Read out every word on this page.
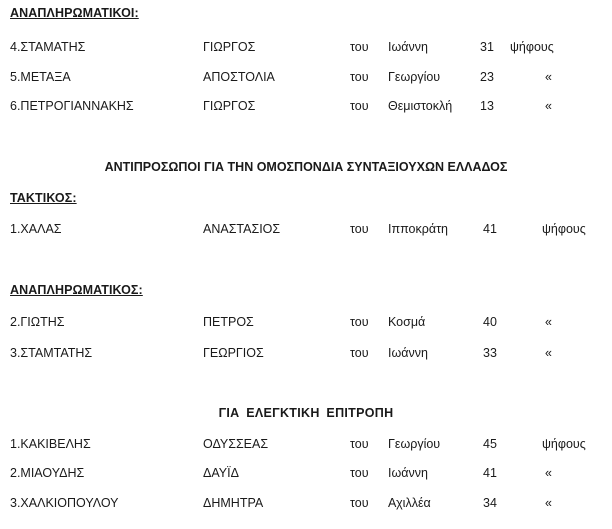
ΑΝΑΠΛΗΡΩΜΑΤΙΚΟΙ:
4.ΣΤΑΜΑΤΗΣ	ΓΙΩΡΓΟΣ	του Ιωάννη	31 ψήφους
5.ΜΕΤΑΞΑ	ΑΠΟΣΤΟΛΙΑ	του Γεωργίου	23	«
6.ΠΕΤΡΟΓΙΑΝΝΑΚΗΣ	ΓΙΩΡΓΟΣ	του Θεμιστοκλή 13	«
ΑΝΤΙΠΡΟΣΩΠΟΙ ΓΙΑ ΤΗΝ ΟΜΟΣΠΟΝΔΙΑ ΣΥΝΤΑΞΙΟΥΧΩΝ ΕΛΛΑΔΟΣ
ΤΑΚΤΙΚΟΣ:
1.ΧΑΛΑΣ	ΑΝΑΣΤΑΣΙΟΣ	του Ιπποκράτη	41	ψήφους
ΑΝΑΠΛΗΡΩΜΑΤΙΚΟΣ:
2.ΓΙΩΤΗΣ	ΠΕΤΡΟΣ	του Κοσμά	40	«
3.ΣΤΑΜΤΑΤΗΣ	ΓΕΩΡΓΙΟΣ	του Ιωάννη	33	«
ΓΙΑ ΕΛΕΓΚΤΙΚΗ ΕΠΙΤΡΟΠΗ
1.ΚΑΚΙΒΕΛΗΣ	ΟΔΥΣΣΕΑΣ	του Γεωργίου	45	ψήφους
2.ΜΙΑΟΥΔΗΣ	ΔΑΥΪΔ	του Ιωάννη	41	«
3.ΧΑΛΚΙΟΠΟΥΛΟΥ	ΔΗΜΗΤΡΑ	του Αχιλλέα	34	«
